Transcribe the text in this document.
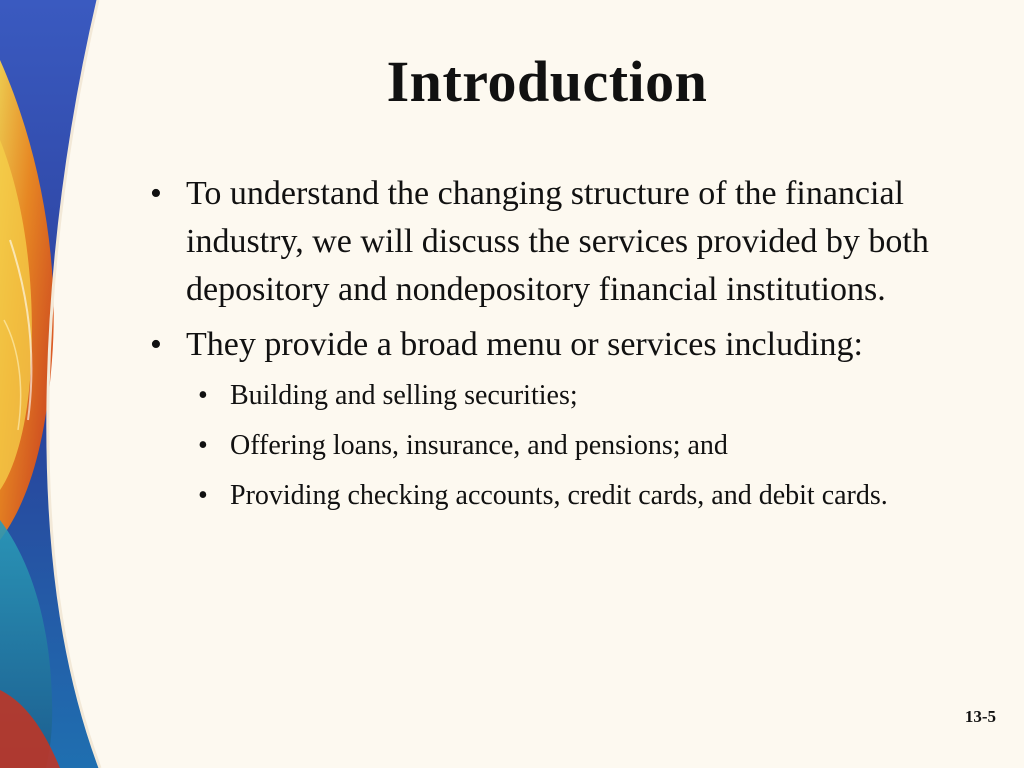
Introduction
• To understand the changing structure of the financial industry, we will discuss the services provided by both depository and nondepository financial institutions.
• They provide a broad menu or services including:
• Building and selling securities;
• Offering loans, insurance, and pensions; and
• Providing checking accounts, credit cards, and debit cards.
13-5
